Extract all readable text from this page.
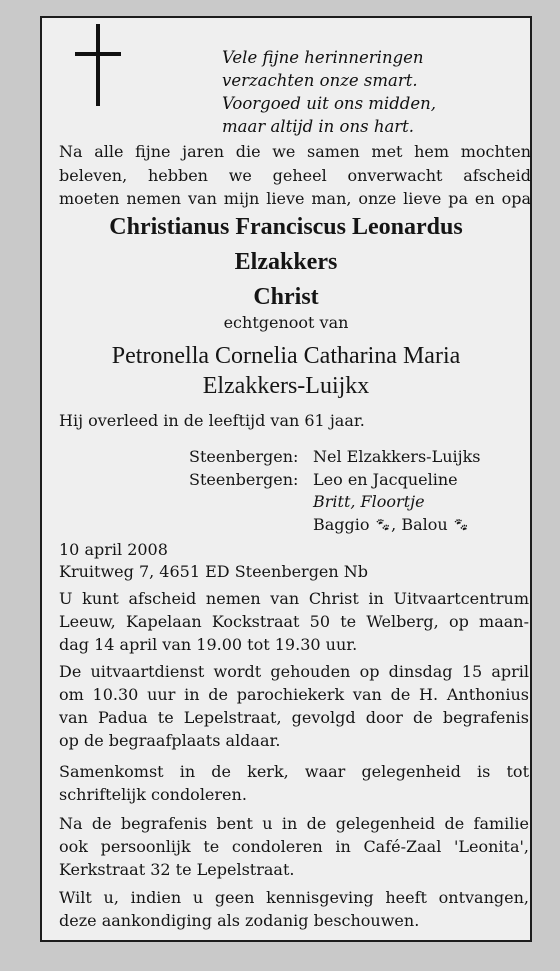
Vele fijne herinneringen
verzachten onze smart.
Voorgoed uit ons midden,
maar altijd in ons hart.
Na alle fijne jaren die we samen met hem mochten
beleven, hebben we geheel onverwacht afscheid
moeten nemen van mijn lieve man, onze lieve pa en opa
Christianus Franciscus Leonardus
Elzakkers
Christ
echtgenoot van
Petronella Cornelia Catharina Maria
Elzakkers-Luijkx
Hij overleed in de leeftijd van 61 jaar.
Steenbergen: Nel Elzakkers-Luijks
Steenbergen: Leo en Jacqueline
Britt, Floortje
Baggio 🐾︎, Balou 🐾︎
10 april 2008
Kruitweg 7, 4651 ED Steenbergen Nb
U kunt afscheid nemen van Christ in Uitvaartcentrum
Leeuw, Kapelaan Kockstraat 50 te Welberg, op maan-
dag 14 april van 19.00 tot 19.30 uur.
De uitvaartdienst wordt gehouden op dinsdag 15 april
om 10.30 uur in de parochiekerk van de H. Anthonius
van Padua te Lepelstraat, gevolgd door de begrafenis
op de begraafplaats aldaar.
Samenkomst in de kerk, waar gelegenheid is tot
schriftelijk condoleren.
Na de begrafenis bent u in de gelegenheid de familie
ook persoonlijk te condoleren in Café-Zaal 'Leonita',
Kerkstraat 32 te Lepelstraat.
Wilt u, indien u geen kennisgeving heeft ontvangen,
deze aankondiging als zodanig beschouwen.
